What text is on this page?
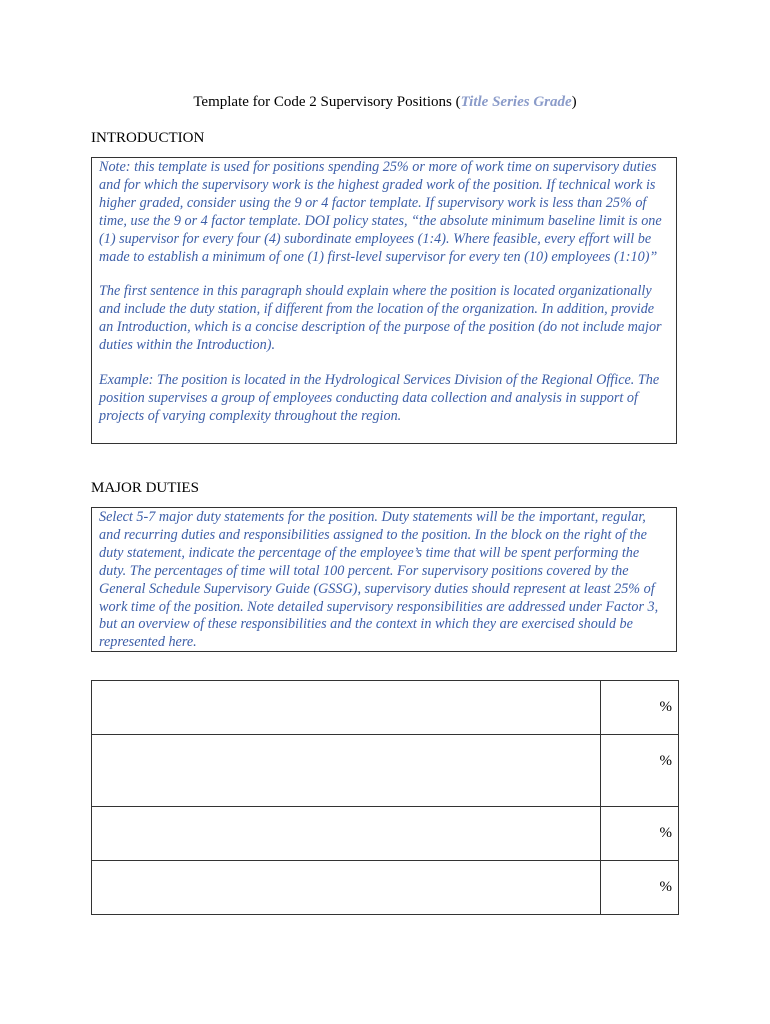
Template for Code 2 Supervisory Positions (Title Series Grade)
INTRODUCTION

Note: this template is used for positions spending 25% or more of work time on supervisory duties and for which the supervisory work is the highest graded work of the position. If technical work is higher graded, consider using the 9 or 4 factor template. If supervisory work is less than 25% of time, use the 9 or 4 factor template. DOI policy states, “the absolute minimum baseline limit is one (1) supervisor for every four (4) subordinate employees (1:4). Where feasible, every effort will be made to establish a minimum of one (1) first-level supervisor for every ten (10) employees (1:10)”

The first sentence in this paragraph should explain where the position is located organizationally and include the duty station, if different from the location of the organization. In addition, provide an Introduction, which is a concise description of the purpose of the position (do not include major duties within the Introduction).

Example: The position is located in the Hydrological Services Division of the Regional Office. The position supervises a group of employees conducting data collection and analysis in support of projects of varying complexity throughout the region.

MAJOR DUTIES

Select 5-7 major duty statements for the position. Duty statements will be the important, regular, and recurring duties and responsibilities assigned to the position. In the block on the right of the duty statement, indicate the percentage of the employee’s time that will be spent performing the duty. The percentages of time will total 100 percent. For supervisory positions covered by the General Schedule Supervisory Guide (GSSG), supervisory duties should represent at least 25% of work time of the position. Note detailed supervisory responsibilities are addressed under Factor 3, but an overview of these responsibilities and the context in which they are exercised should be represented here.

	%
	%
	%
	%
